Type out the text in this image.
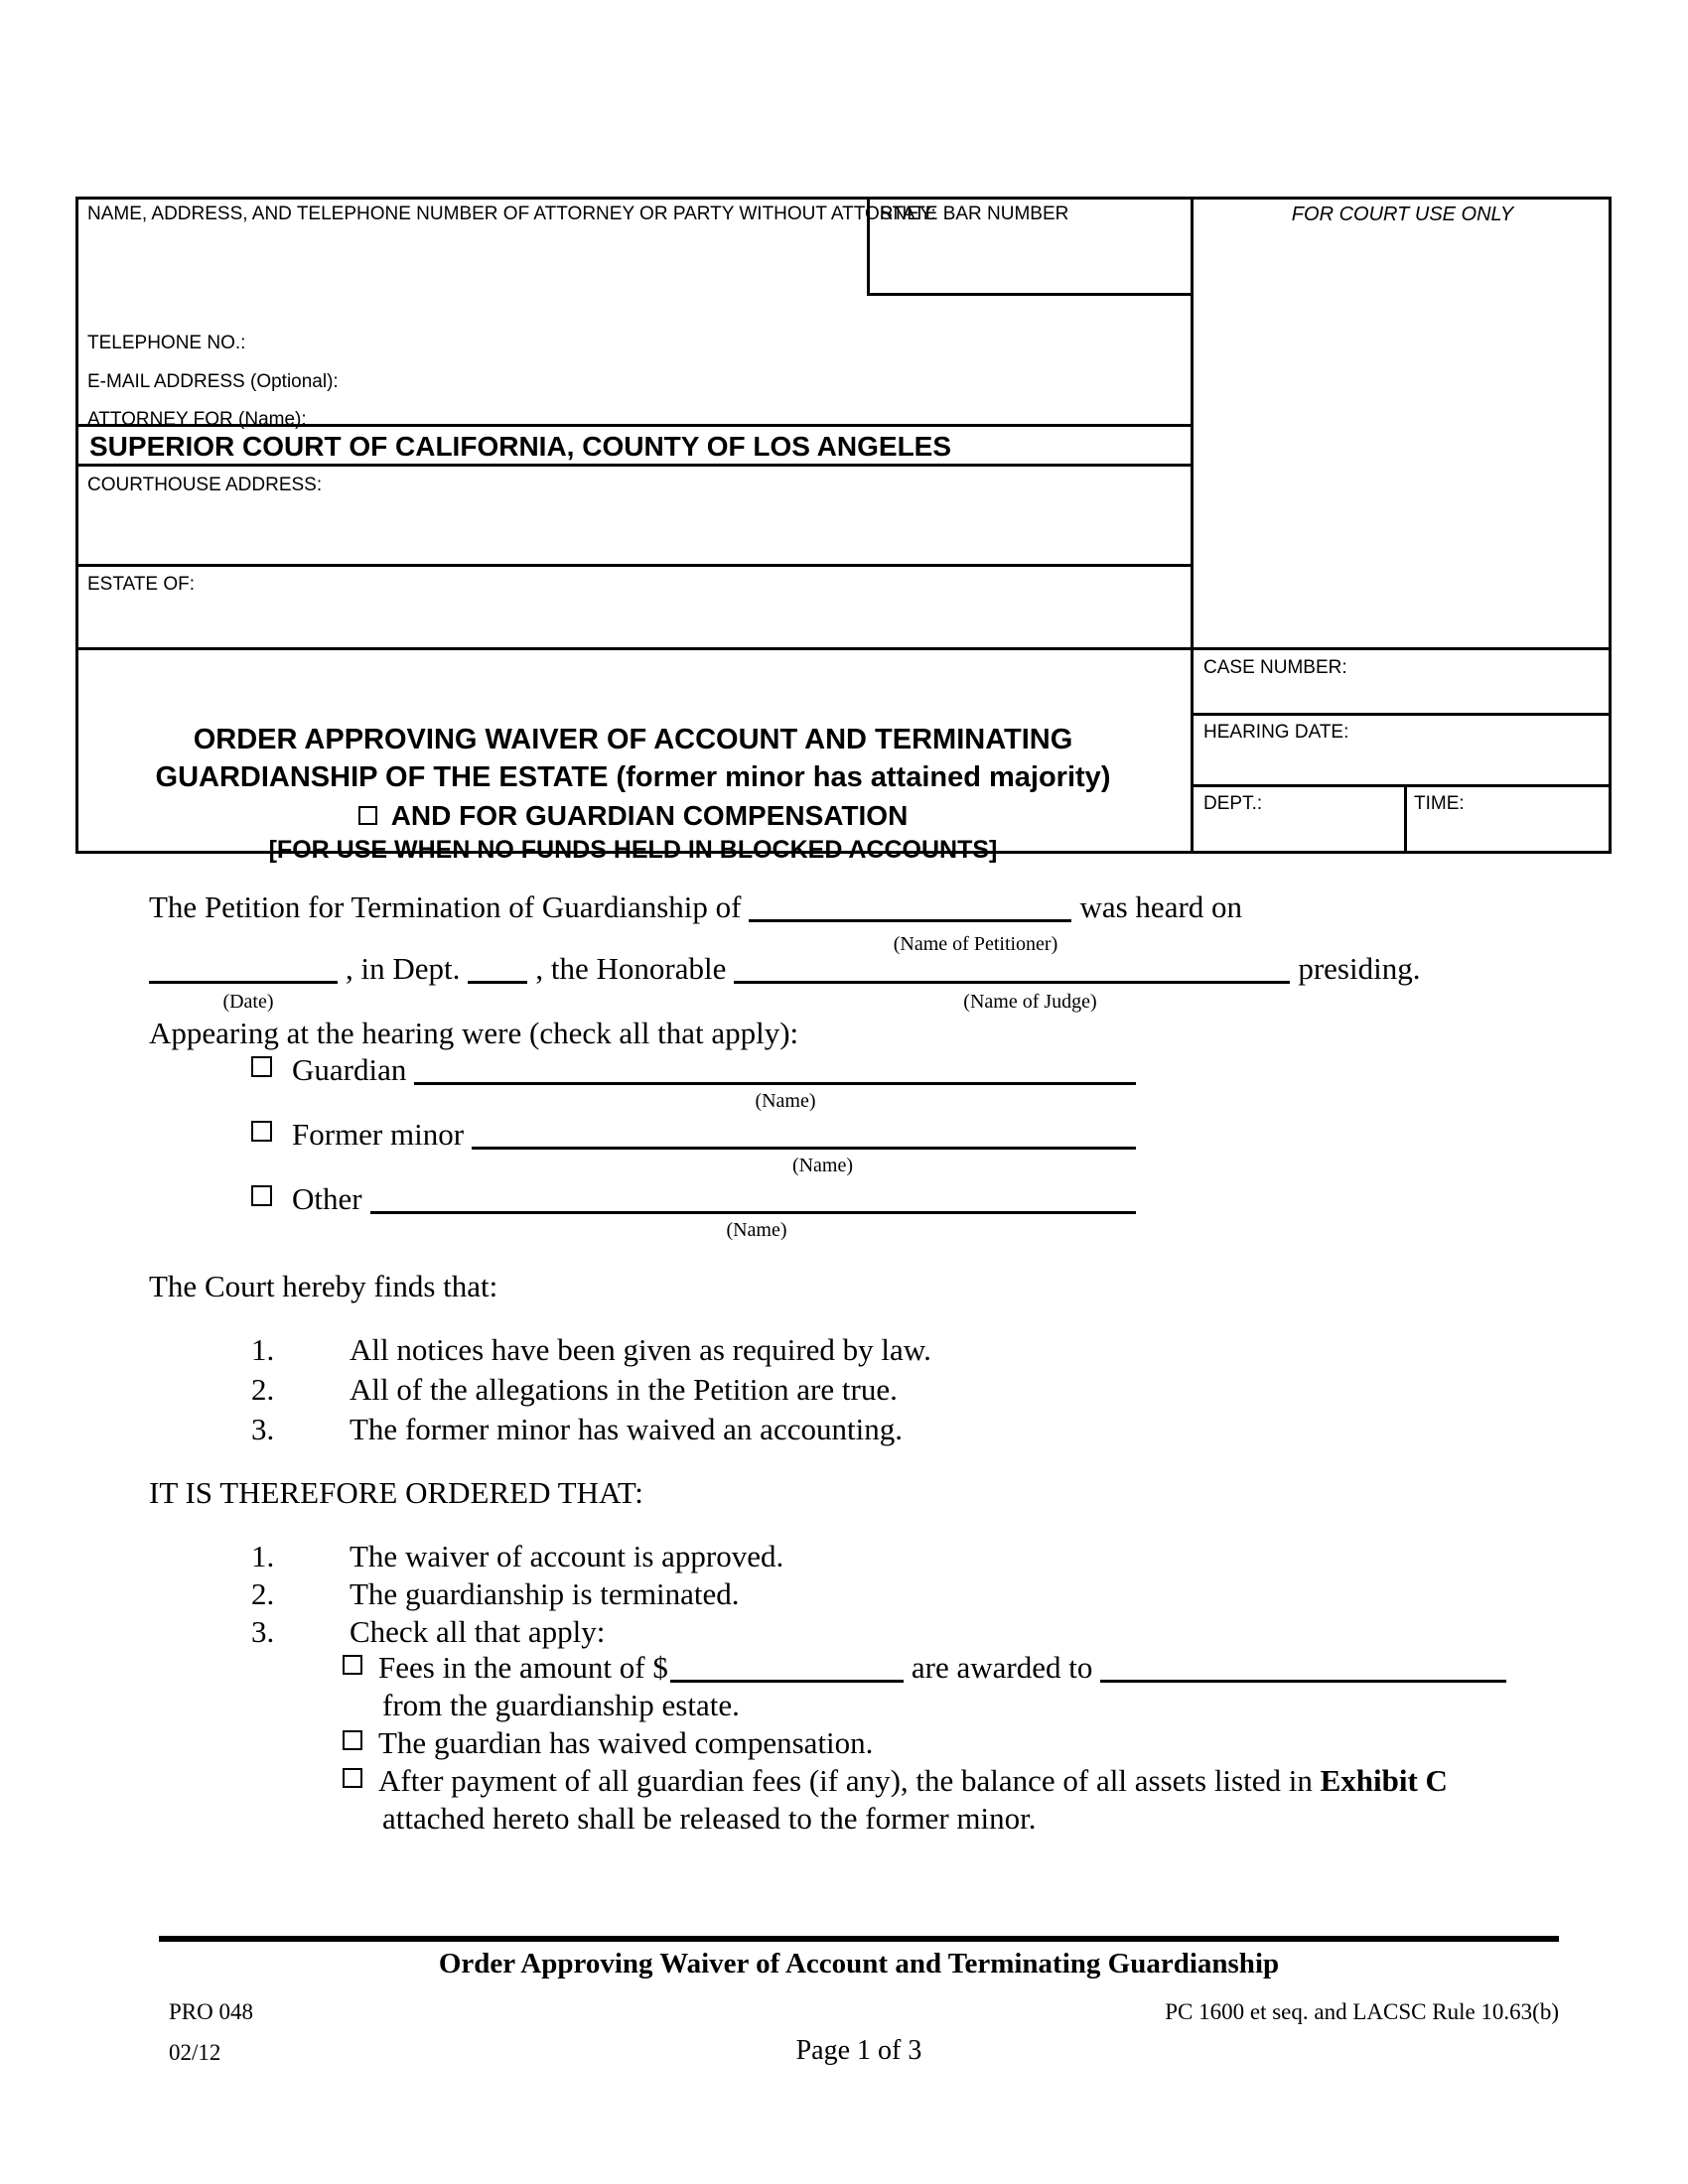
NAME, ADDRESS, AND TELEPHONE NUMBER OF ATTORNEY OR PARTY WITHOUT ATTORNEY:
STATE BAR NUMBER	FOR COURT USE ONLY
TELEPHONE NO.:
E-MAIL ADDRESS (Optional):
ATTORNEY FOR (Name):
SUPERIOR COURT OF CALIFORNIA, COUNTY OF LOS ANGELES
COURTHOUSE ADDRESS:
ESTATE OF:
CASE NUMBER:
HEARING DATE:
DEPT.:	TIME:
ORDER APPROVING WAIVER OF ACCOUNT AND TERMINATING
GUARDIANSHIP OF THE ESTATE (former minor has attained majority)
AND FOR GUARDIAN COMPENSATION
[FOR USE WHEN NO FUNDS HELD IN BLOCKED ACCOUNTS]
The Petition for Termination of Guardianship of	was heard on
(Name of Petitioner)
, in Dept. , the Honorable	presiding.
(Date)	(Name of Judge)
Appearing at the hearing were (check all that apply):
Guardian
(Name)
Former minor
(Name)
Other
(Name)
The Court hereby finds that:
1. All notices have been given as required by law.
2. All of the allegations in the Petition are true.
3. The former minor has waived an accounting.
IT IS THEREFORE ORDERED THAT:
1. The waiver of account is approved.
2. The guardianship is terminated.
3. Check all that apply:
Fees in the amount of $	are awarded to
from the guardianship estate.
The guardian has waived compensation.
After payment of all guardian fees (if any), the balance of all assets listed in
Exhibit C
attached hereto shall be released to the former minor.
Order Approving Waiver of Account and Terminating Guardianship
PRO 048	PC 1600 et seq. and LACSC Rule 10.63(b)
02/12	Page 1 of 3
